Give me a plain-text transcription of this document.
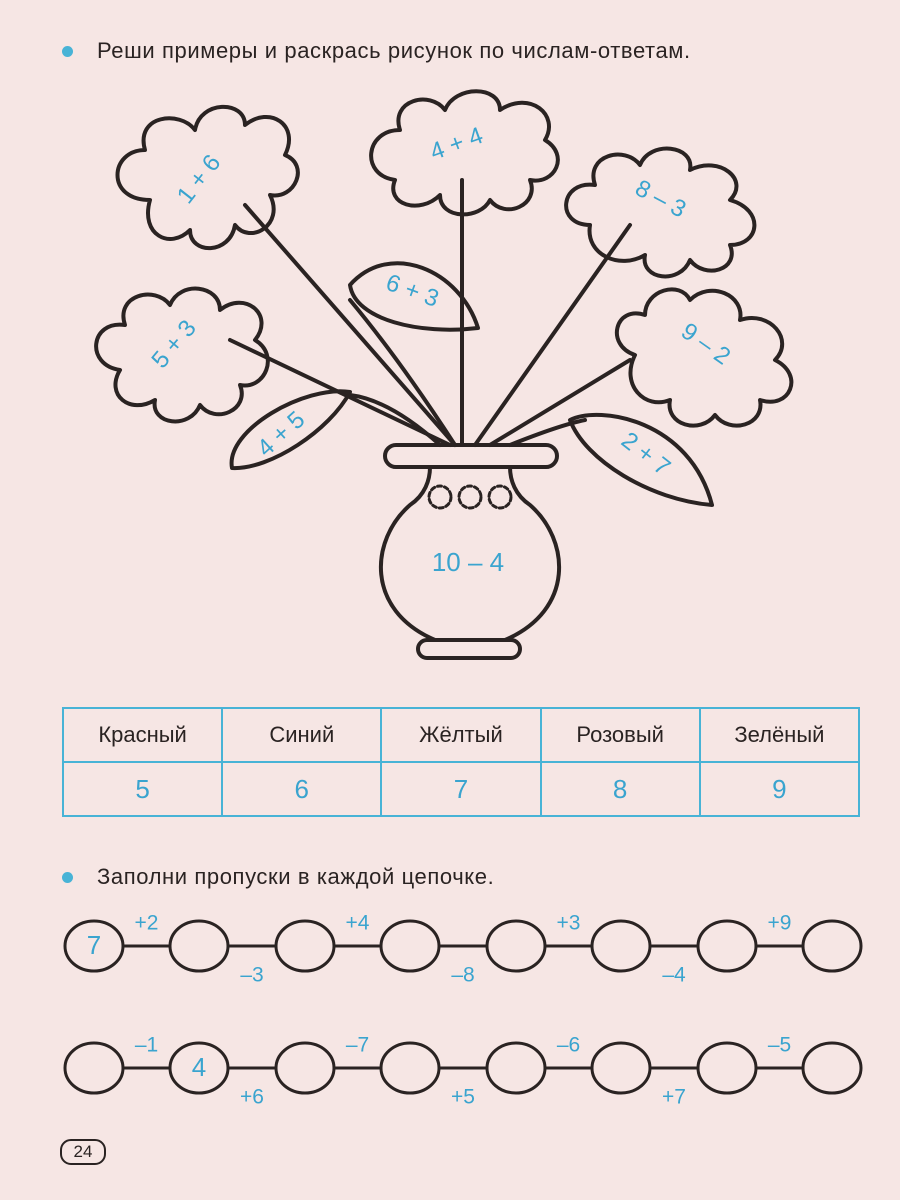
Реши примеры и раскрась рисунок по числам-ответам.
1 + 6
4 + 4
8 – 3
5 + 3	9 – 2
6 + 3
4 + 5	2 + 7
10 – 4
Красный	Синий	Жёлтый	Розовый	Зелёный
5	6	7	8	9
Заполни пропуски в каждой цепочке.
+2
–3
+4
–8
+3
–4
+9
7
–1
+6
–7
+5
–6
+7
–5
4
24
